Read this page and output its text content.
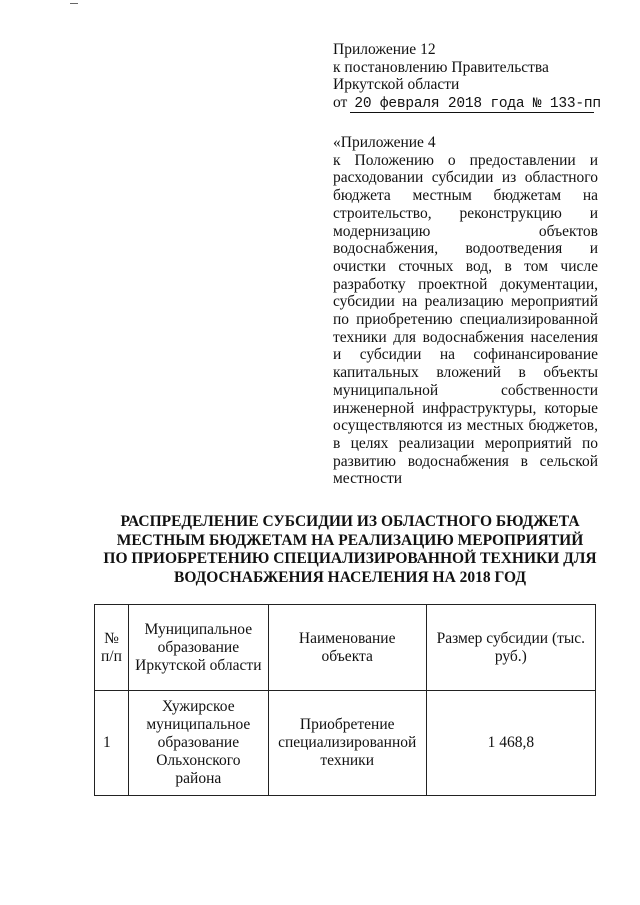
Приложение 12
к постановлению Правительства
Иркутской области
от 20 февраля 2018 года № 133-пп
«Приложение 4
к Положению о предоставлении и расходовании субсидии из областного бюджета местным бюджетам на строительство, реконструкцию и модернизацию объектов водоснабжения, водоотведения и очистки сточных вод, в том числе разработку проектной документации, субсидии на реализацию мероприятий по приобретению специализированной техники для водоснабжения населения и субсидии на софинансирование капитальных вложений в объекты муниципальной собственности инженерной инфраструктуры, которые осуществляются из местных бюджетов, в целях реализации мероприятий по развитию водоснабжения в сельской местности
РАСПРЕДЕЛЕНИЕ СУБСИДИИ ИЗ ОБЛАСТНОГО БЮДЖЕТА
МЕСТНЫМ БЮДЖЕТАМ НА РЕАЛИЗАЦИЮ МЕРОПРИЯТИЙ
ПО ПРИОБРЕТЕНИЮ СПЕЦИАЛИЗИРОВАННОЙ ТЕХНИКИ ДЛЯ
ВОДОСНАБЖЕНИЯ НАСЕЛЕНИЯ НА 2018 ГОД
№ п/п	Муниципальное образование Иркутской области	Наименование объекта	Размер субсидии (тыс. руб.)
1	Хужирское муниципальное образование Ольхонского района	Приобретение специализированной техники	1 468,8
